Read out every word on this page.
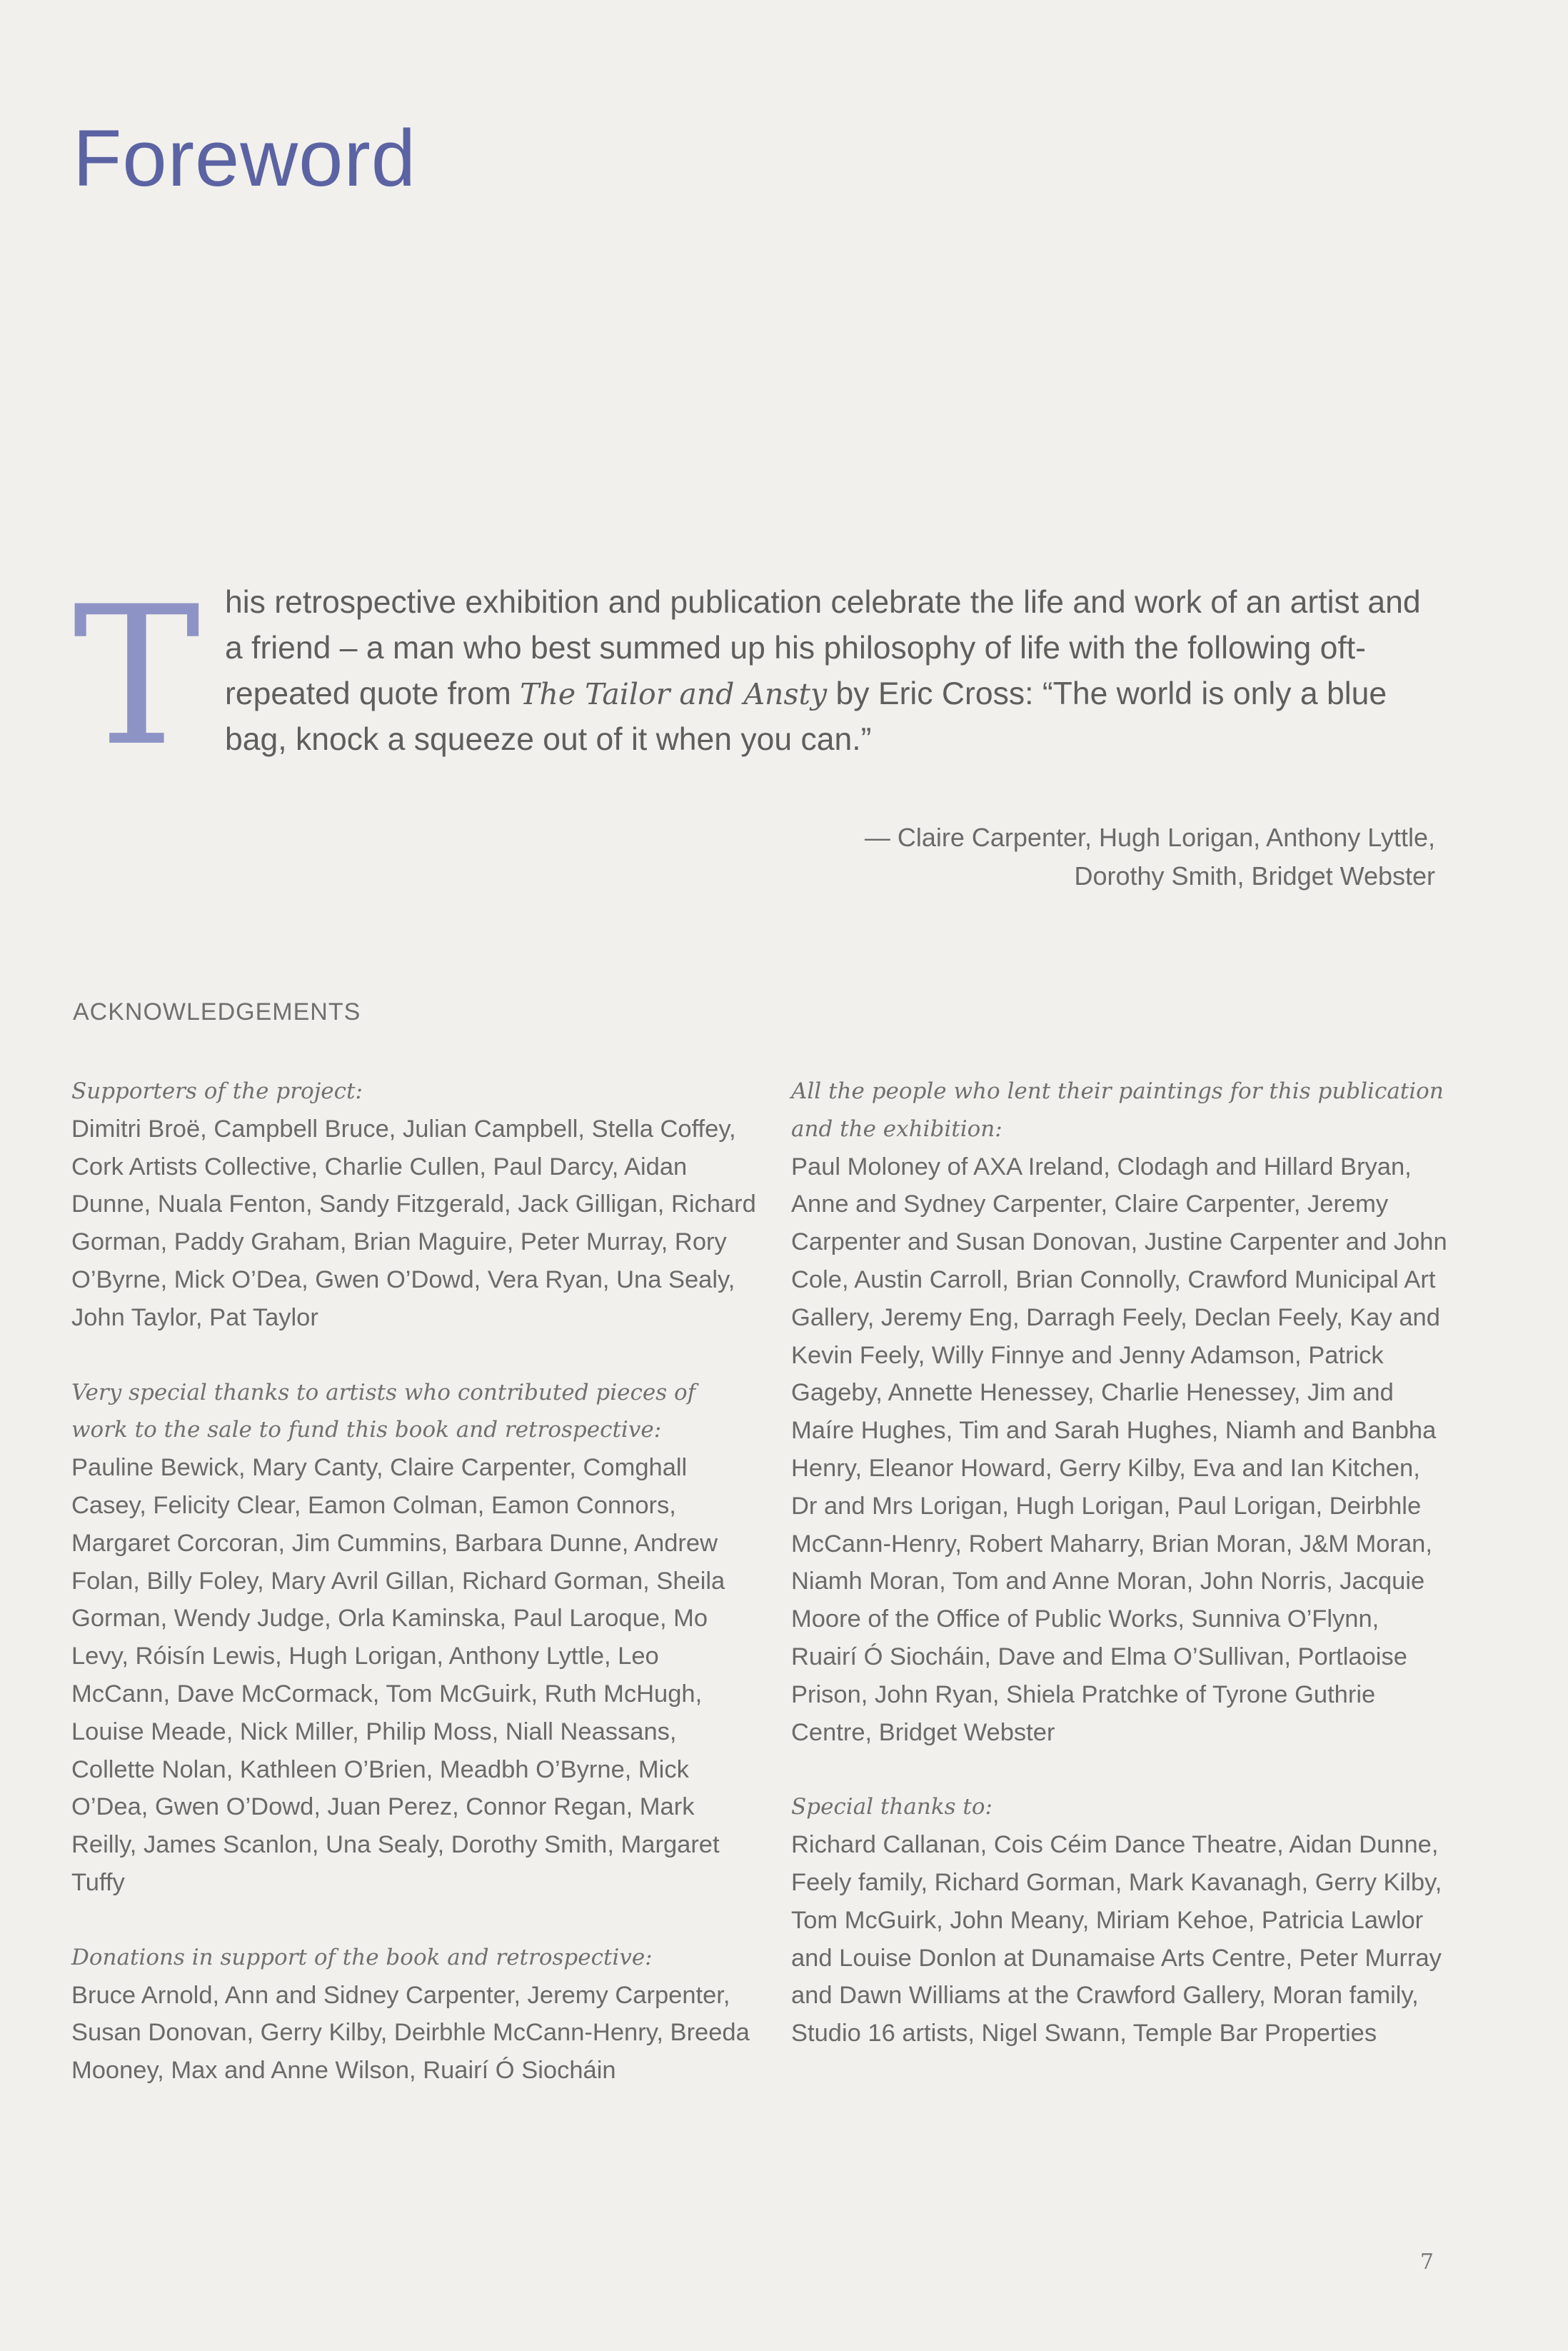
Foreword
T his retrospective exhibition and publication celebrate the life and work of an artist and a friend – a man who best summed up his philosophy of life with the following oft-repeated quote from The Tailor and Ansty by Eric Cross: “The world is only a blue bag, knock a squeeze out of it when you can.”

— Claire Carpenter, Hugh Lorigan, Anthony Lyttle,
Dorothy Smith, Bridget Webster
ACKNOWLEDGEMENTS
Supporters of the project:
Dimitri Broë, Campbell Bruce, Julian Campbell, Stella Coffey, Cork Artists Collective, Charlie Cullen, Paul Darcy, Aidan Dunne, Nuala Fenton, Sandy Fitzgerald, Jack Gilligan, Richard Gorman, Paddy Graham, Brian Maguire, Peter Murray, Rory O’Byrne, Mick O’Dea, Gwen O’Dowd, Vera Ryan, Una Sealy, John Taylor, Pat Taylor
Very special thanks to artists who contributed pieces of work to the sale to fund this book and retrospective:
Pauline Bewick, Mary Canty, Claire Carpenter, Comghall Casey, Felicity Clear, Eamon Colman, Eamon Connors, Margaret Corcoran, Jim Cummins, Barbara Dunne, Andrew Folan, Billy Foley, Mary Avril Gillan, Richard Gorman, Sheila Gorman, Wendy Judge, Orla Kaminska, Paul Laroque, Mo Levy, Róisín Lewis, Hugh Lorigan, Anthony Lyttle, Leo McCann, Dave McCormack, Tom McGuirk, Ruth McHugh, Louise Meade, Nick Miller, Philip Moss, Niall Neassans, Collette Nolan, Kathleen O’Brien, Meadbh O’Byrne, Mick O’Dea, Gwen O’Dowd, Juan Perez, Connor Regan, Mark Reilly, James Scanlon, Una Sealy, Dorothy Smith, Margaret Tuffy
Donations in support of the book and retrospective:
Bruce Arnold, Ann and Sidney Carpenter, Jeremy Carpenter, Susan Donovan, Gerry Kilby, Deirbhle McCann-Henry, Breeda Mooney, Max and Anne Wilson, Ruairí Ó Siocháin
All the people who lent their paintings for this publication and the exhibition:
Paul Moloney of AXA Ireland, Clodagh and Hillard Bryan, Anne and Sydney Carpenter, Claire Carpenter, Jeremy Carpenter and Susan Donovan, Justine Carpenter and John Cole, Austin Carroll, Brian Connolly, Crawford Municipal Art Gallery, Jeremy Eng, Darragh Feely, Declan Feely, Kay and Kevin Feely, Willy Finnye and Jenny Adamson, Patrick Gageby, Annette Henessey, Charlie Henessey, Jim and Maíre Hughes, Tim and Sarah Hughes, Niamh and Banbha Henry, Eleanor Howard, Gerry Kilby, Eva and Ian Kitchen, Dr and Mrs Lorigan, Hugh Lorigan, Paul Lorigan, Deirbhle McCann-Henry, Robert Maharry, Brian Moran, J&M Moran, Niamh Moran, Tom and Anne Moran, John Norris, Jacquie Moore of the Office of Public Works, Sunniva O’Flynn, Ruairí Ó Siocháin, Dave and Elma O’Sullivan, Portlaoise Prison, John Ryan, Shiela Pratchke of Tyrone Guthrie Centre, Bridget Webster
Special thanks to:
Richard Callanan, Cois Céim Dance Theatre, Aidan Dunne, Feely family, Richard Gorman, Mark Kavanagh, Gerry Kilby, Tom McGuirk, John Meany, Miriam Kehoe, Patricia Lawlor and Louise Donlon at Dunamaise Arts Centre, Peter Murray and Dawn Williams at the Crawford Gallery, Moran family, Studio 16 artists, Nigel Swann, Temple Bar Properties
7
